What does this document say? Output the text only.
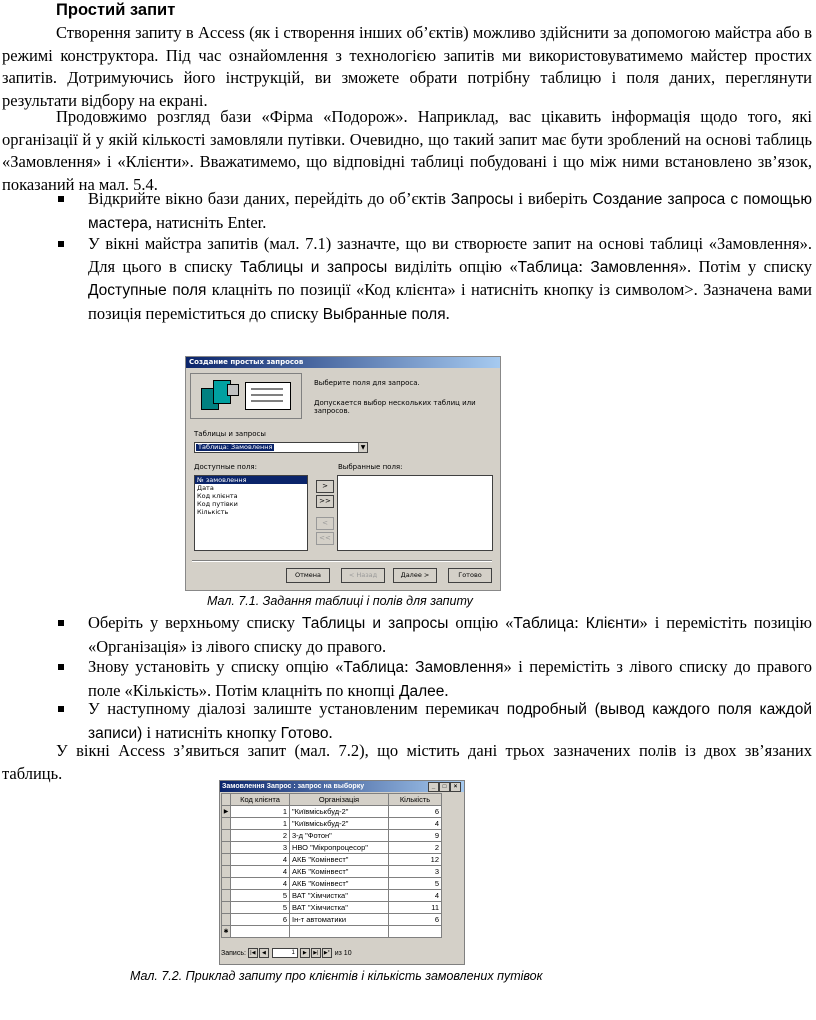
Простий запит
Створення запиту в Access (як і створення інших об’єктів) можливо здійснити за допомогою майстра або в режимі конструктора. Під час ознайомлення з технологією запитів ми використовуватимемо майстер простих запитів. Дотримуючись його інструкцій, ви зможете обрати потрібну таблицю і поля даних, переглянути результати відбору на екрані.
Продовжимо розгляд бази «Фірма «Подорож». Наприклад, вас цікавить інформація щодо того, які організації й у якій кількості замовляли путівки. Очевидно, що такий запит має бути зроблений на основі таблиць «Замовлення» і «Клієнти». Вважатимемо, що відповідні таблиці побудовані і що між ними встановлено зв’язок, показаний на мал. 5.4.
Відкрийте вікно бази даних, перейдіть до об’єктів Запросы і виберіть Создание запроса с помощью мастера, натисніть Enter.
У вікні майстра запитів (мал. 7.1) зазначте, що ви створюєте запит на основі таблиці «Замовлення». Для цього в списку Таблицы и запросы виділіть опцію «Таблица: Замовлення». Потім у списку Доступные поля клацніть по позиції «Код клієнта» і натисніть кнопку із символом>. Зазначена вами позиція переміститься до списку Выбранные поля.
Создание простых запросов
Выберите поля для запроса.
Допускается выбор нескольких таблиц или запросов.
Таблицы и запросы
Таблица: Замовлення	▼
Доступные поля:	Выбранные поля:
№ замовлення
Дата
Код клієнта
Код путівки
Кількість
>
>>
<
<<
Отмена	< Назад	Далее >	Готово
Мал. 7.1. Задання таблиці і полів для запиту
Оберіть у верхньому списку Таблицы и запросы опцію «Таблица: Клієнти» і перемістіть позицію «Організація» із лівого списку до правого.
Знову установіть у списку опцію «Таблица: Замовлення» і перемістіть з лівого списку до правого поле «Кількість». Потім клацніть по кнопці Далее.
У наступному діалозі залиште установленим перемикач подробный (вывод каждого поля каждой записи) і натисніть кнопку Готово.
У вікні Access з’явиться запит (мал. 7.2), що містить дані трьох зазначених полів із двох зв’язаних таблиць.
Замовлення Запрос : запрос на выборку	_	□	×
	Код клієнта	Організація	Кількість
▶	1	"Київміськбуд-2"	6
	1	"Київміськбуд-2"	4
	2	3-д "Фотон"	9
	3	НВО "Мікропроцесор"	2
	4	АКБ "Комінвест"	12
	4	АКБ "Комінвест"	3
	4	АКБ "Комінвест"	5
	5	ВАТ "Хімчистка"	4
	5	ВАТ "Хімчистка"	11
	6	Ін-т автоматики	6
✱			
Запись: |◀ ◀	1 ▶ ▶| ▶* из 10
Мал. 7.2. Приклад запиту про клієнтів і кількість замовлених путівок
